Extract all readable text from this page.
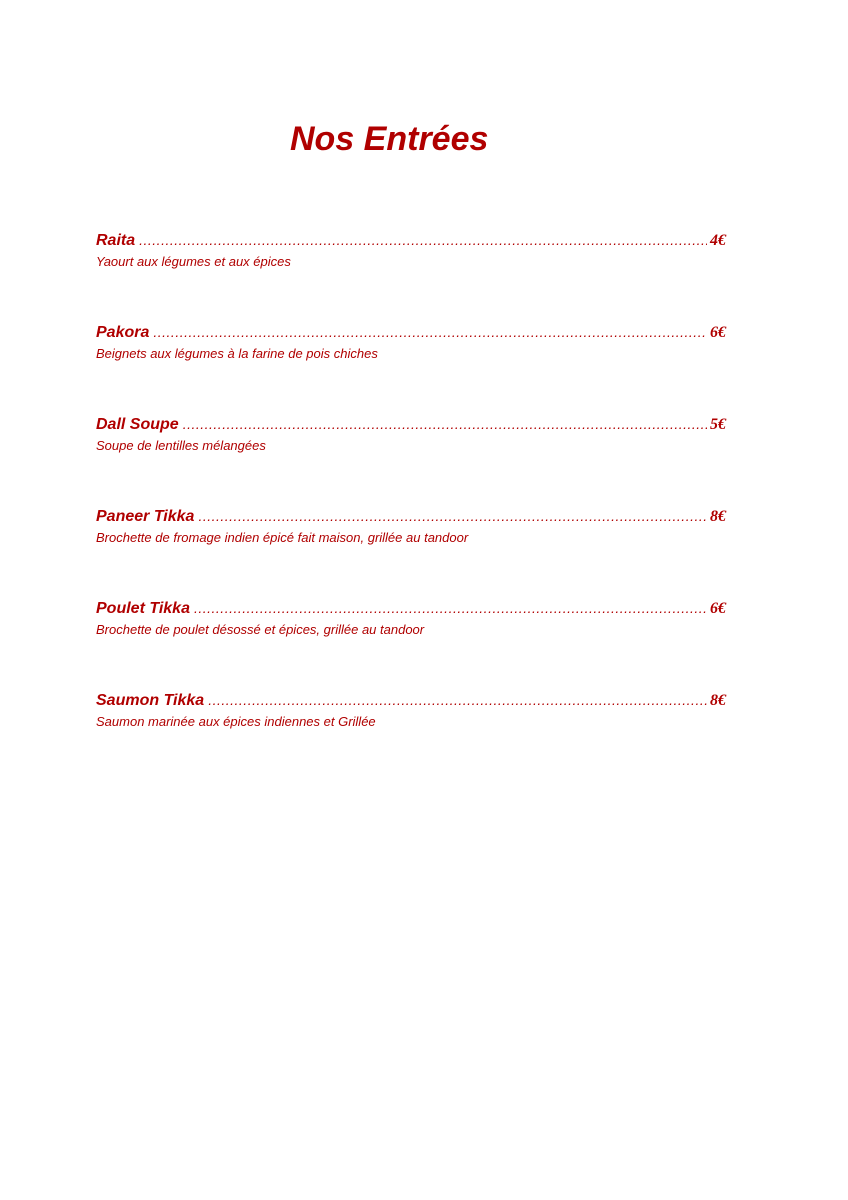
Nos Entrées
Raita .....	4€
Yaourt aux légumes et aux épices
Pakora .....	6€
Beignets aux légumes à la farine de pois chiches
Dall Soupe .....	5€
Soupe de lentilles mélangées
Paneer Tikka .....	8€
Brochette de fromage indien épicé fait maison, grillée au tandoor
Poulet Tikka .....	6€
Brochette de poulet désossé et épices, grillée au tandoor
Saumon Tikka .....	8€
Saumon marinée aux épices indiennes et Grillée
